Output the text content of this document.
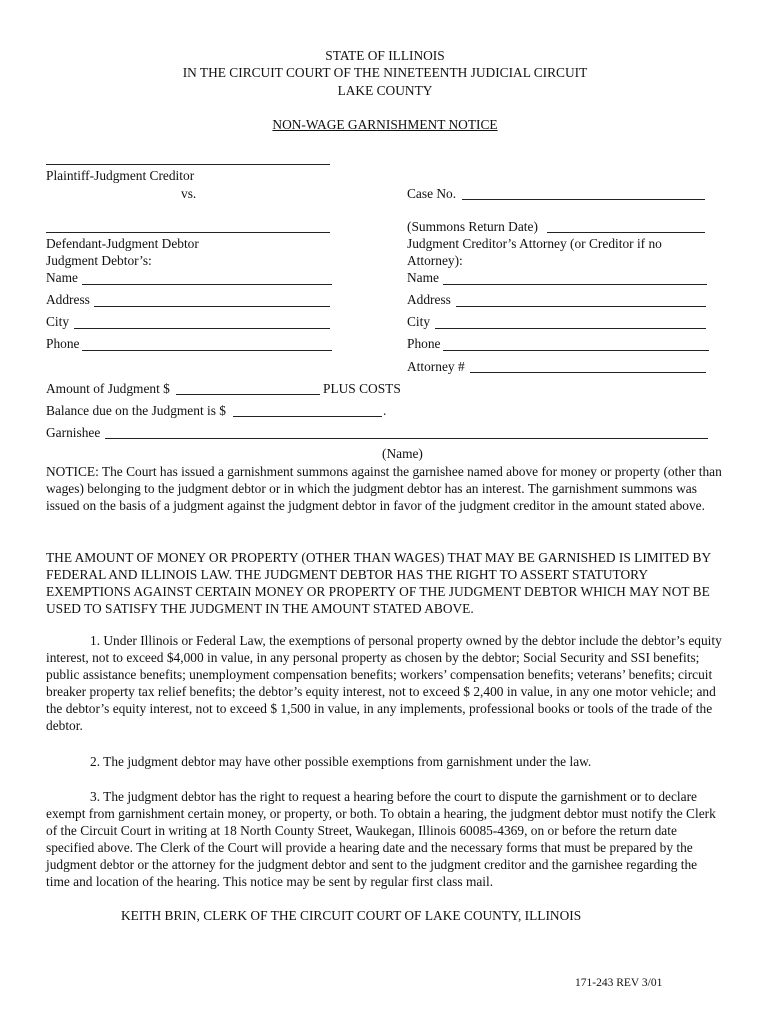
STATE OF ILLINOIS
IN THE CIRCUIT COURT OF THE NINETEENTH JUDICIAL CIRCUIT
LAKE COUNTY
NON-WAGE GARNISHMENT NOTICE
Plaintiff-Judgment Creditor
vs.
Defendant-Judgment Debtor
Judgment Debtor’s:
Name
Address
City
Phone
Case No.
(Summons Return Date)
Judgment Creditor’s Attorney (or Creditor if no
Attorney):
Name
Address
City
Phone
Attorney #
Amount of Judgment $	PLUS COSTS
Balance due on the Judgment is $	.
Garnishee
(Name)
NOTICE: The Court has issued a garnishment summons against the garnishee named above for money or property (other than wages) belonging to the judgment debtor or in which the judgment debtor has an interest. The garnishment summons was issued on the basis of a judgment against the judgment debtor in favor of the judgment creditor in the amount stated above.
THE AMOUNT OF MONEY OR PROPERTY (OTHER THAN WAGES) THAT MAY BE GARNISHED IS LIMITED BY FEDERAL AND ILLINOIS LAW. THE JUDGMENT DEBTOR HAS THE RIGHT TO ASSERT STATUTORY EXEMPTIONS AGAINST CERTAIN MONEY OR PROPERTY OF THE JUDGMENT DEBTOR WHICH MAY NOT BE USED TO SATISFY THE JUDGMENT IN THE AMOUNT STATED ABOVE.
1. Under Illinois or Federal Law, the exemptions of personal property owned by the debtor include the debtor’s equity interest, not to exceed $4,000 in value, in any personal property as chosen by the debtor; Social Security and SSI benefits; public assistance benefits; unemployment compensation benefits; workers’ compensation benefits; veterans’ benefits; circuit breaker property tax relief benefits; the debtor’s equity interest, not to exceed $ 2,400 in value, in any one motor vehicle; and the debtor’s equity interest, not to exceed $ 1,500 in value, in any implements, professional books or tools of the trade of the debtor.
2. The judgment debtor may have other possible exemptions from garnishment under the law.
3. The judgment debtor has the right to request a hearing before the court to dispute the garnishment or to declare exempt from garnishment certain money, or property, or both. To obtain a hearing, the judgment debtor must notify the Clerk of the Circuit Court in writing at 18 North County Street, Waukegan, Illinois 60085-4369, on or before the return date specified above. The Clerk of the Court will provide a hearing date and the necessary forms that must be prepared by the judgment debtor or the attorney for the judgment debtor and sent to the judgment creditor and the garnishee regarding the time and location of the hearing. This notice may be sent by regular first class mail.
KEITH BRIN, CLERK OF THE CIRCUIT COURT OF LAKE COUNTY, ILLINOIS
171-243 REV 3/01
